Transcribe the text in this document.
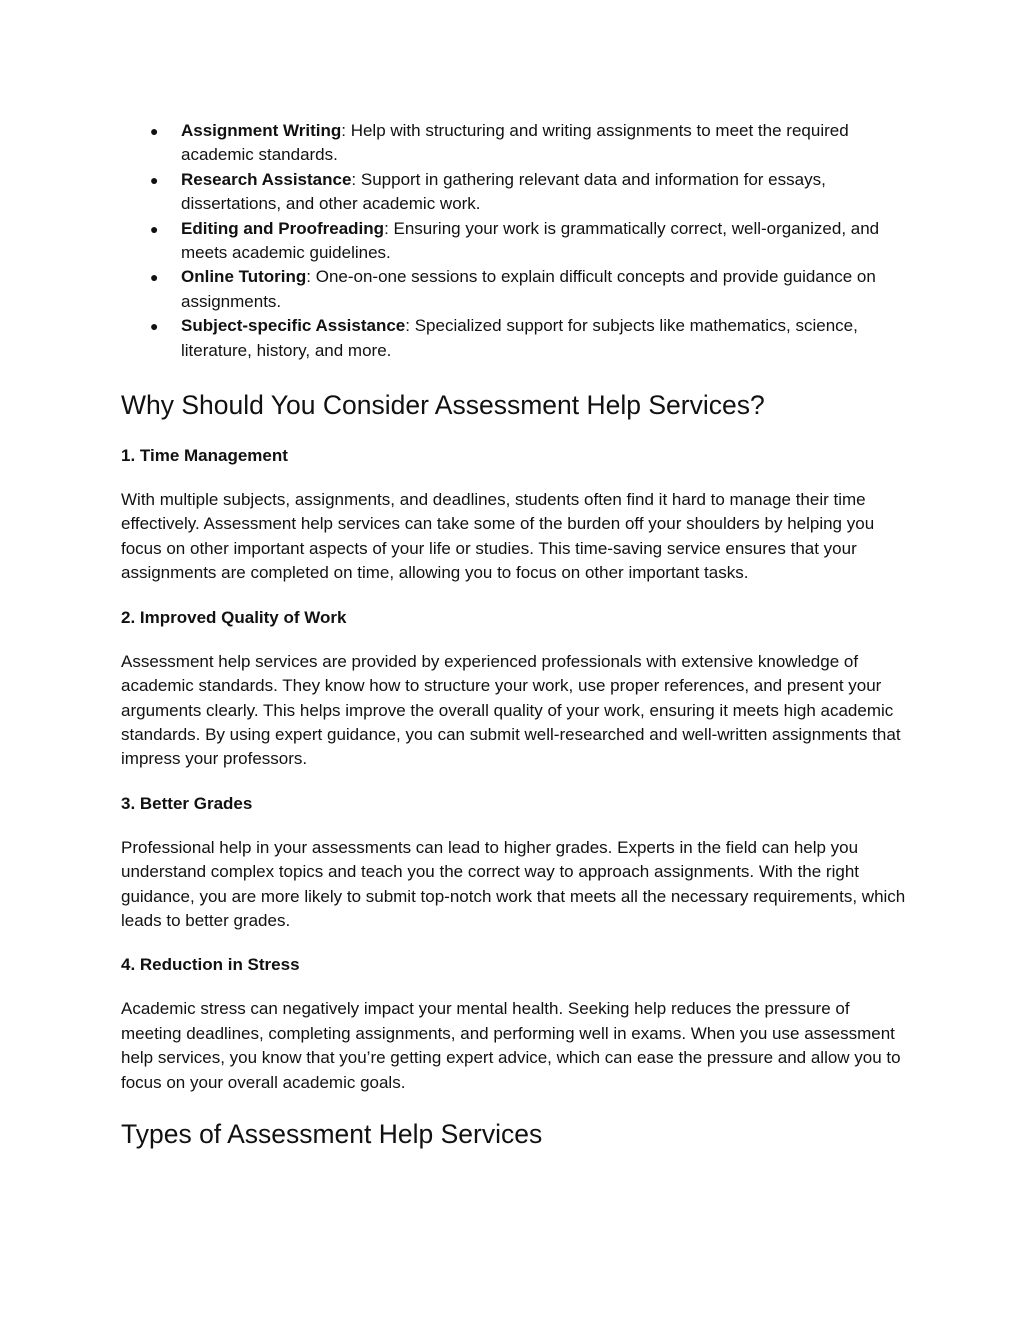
● Assignment Writing: Help with structuring and writing assignments to meet the required academic standards.
● Research Assistance: Support in gathering relevant data and information for essays, dissertations, and other academic work.
● Editing and Proofreading: Ensuring your work is grammatically correct, well-organized, and meets academic guidelines.
● Online Tutoring: One-on-one sessions to explain difficult concepts and provide guidance on assignments.
● Subject-specific Assistance: Specialized support for subjects like mathematics, science, literature, history, and more.
Why Should You Consider Assessment Help Services?
1. Time Management

With multiple subjects, assignments, and deadlines, students often find it hard to manage their time effectively. Assessment help services can take some of the burden off your shoulders by helping you focus on other important aspects of your life or studies. This time-saving service ensures that your assignments are completed on time, allowing you to focus on other important tasks.

2. Improved Quality of Work

Assessment help services are provided by experienced professionals with extensive knowledge of academic standards. They know how to structure your work, use proper references, and present your arguments clearly. This helps improve the overall quality of your work, ensuring it meets high academic standards. By using expert guidance, you can submit well-researched and well-written assignments that impress your professors.

3. Better Grades

Professional help in your assessments can lead to higher grades. Experts in the field can help you understand complex topics and teach you the correct way to approach assignments. With the right guidance, you are more likely to submit top-notch work that meets all the necessary requirements, which leads to better grades.

4. Reduction in Stress

Academic stress can negatively impact your mental health. Seeking help reduces the pressure of meeting deadlines, completing assignments, and performing well in exams. When you use assessment help services, you know that you’re getting expert advice, which can ease the pressure and allow you to focus on your overall academic goals.

Types of Assessment Help Services
